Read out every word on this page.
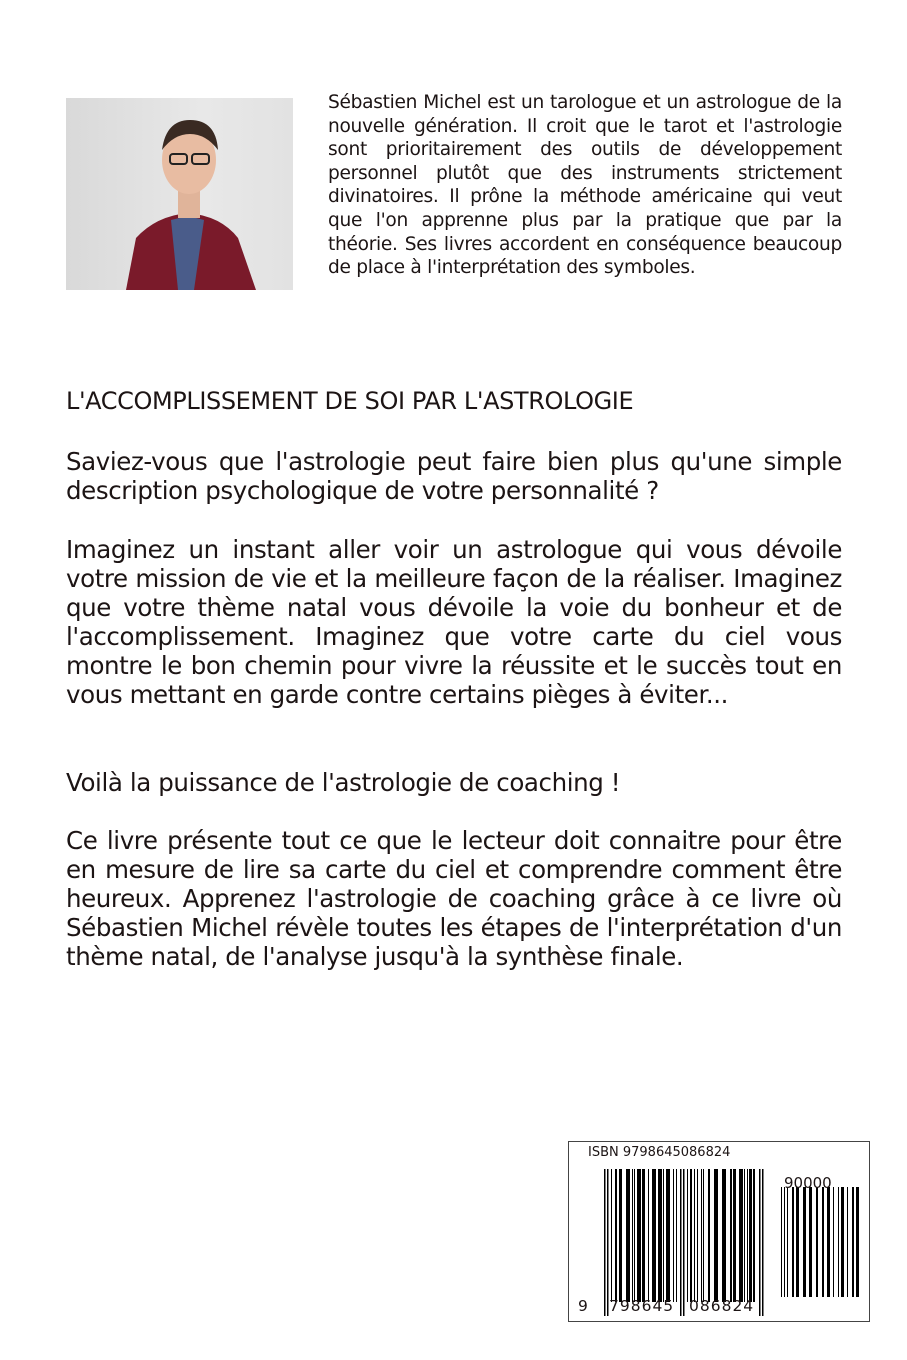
Sébastien Michel est un tarologue et un astrologue de la nouvelle génération. Il croit que le tarot et l'astrologie sont prioritairement des outils de développement personnel plutôt que des instruments strictement divinatoires. Il prône la méthode américaine qui veut que l'on apprenne plus par la pratique que par la théorie. Ses livres accordent en conséquence beaucoup de place à l'interprétation des symboles.
L'ACCOMPLISSEMENT DE SOI PAR L'ASTROLOGIE
Saviez-vous que l'astrologie peut faire bien plus qu'une simple description psychologique de votre personnalité ?
Imaginez un instant aller voir un astrologue qui vous dévoile votre mission de vie et la meilleure façon de la réaliser. Imaginez que votre thème natal vous dévoile la voie du bonheur et de l'accomplissement. Imaginez que votre carte du ciel vous montre le bon chemin pour vivre la réussite et le succès tout en vous mettant en garde contre certains pièges à éviter...
Voilà la puissance de l'astrologie de coaching !
Ce livre présente tout ce que le lecteur doit connaitre pour être en mesure de lire sa carte du ciel et comprendre comment être heureux. Apprenez l'astrologie de coaching grâce à ce livre où Sébastien Michel révèle toutes les étapes de l'interprétation d'un thème natal, de l'analyse jusqu'à la synthèse finale.
ISBN 9798645086824
90000
9 798645 086824
